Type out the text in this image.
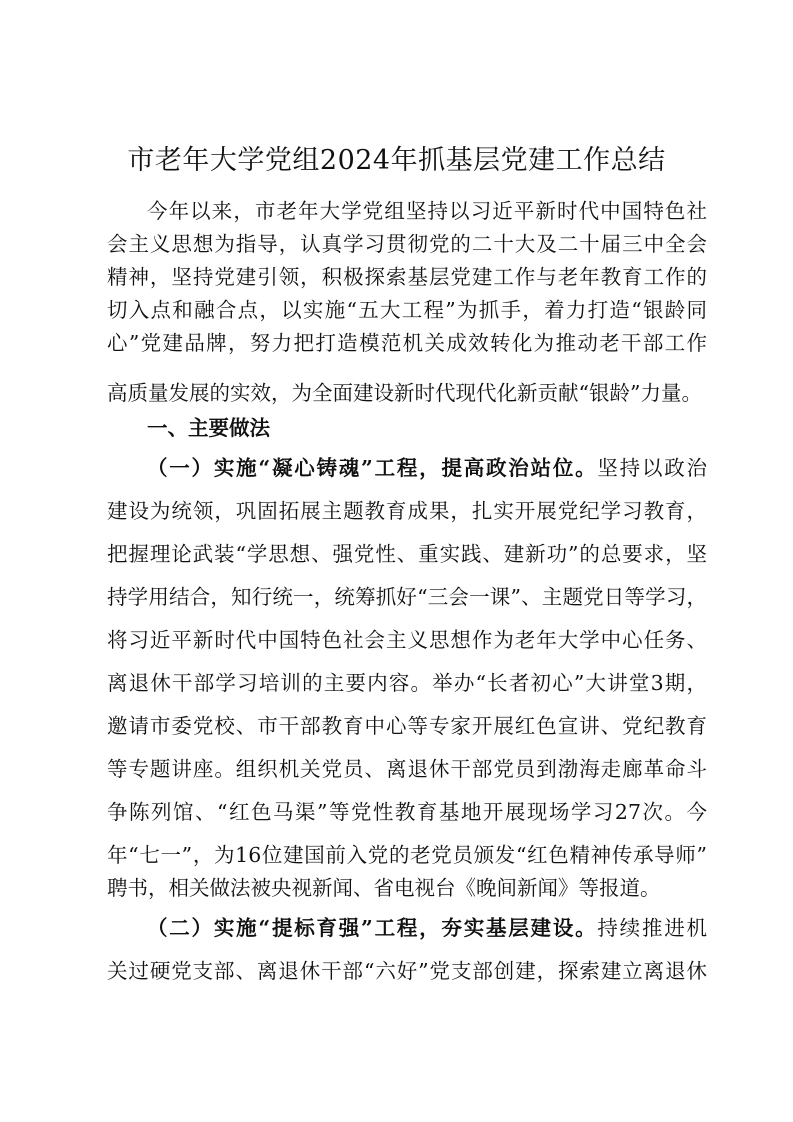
市老年大学党组2024年抓基层党建工作总结
今年以来，市老年大学党组坚持以习近平新时代中国特色社
会主义思想为指导，认真学习贯彻党的二十大及二十届三中全会
精神，坚持党建引领，积极探索基层党建工作与老年教育工作的
切入点和融合点，以实施“五大工程”为抓手，着力打造“银龄同
心”党建品牌，努力把打造模范机关成效转化为推动老干部工作
高质量发展的实效，为全面建设新时代现代化新贡献“银龄”力量。
一、主要做法
（一）实施“凝心铸魂”工程，提高政治站位。坚持以政治
建设为统领，巩固拓展主题教育成果，扎实开展党纪学习教育，
把握理论武装“学思想、强党性、重实践、建新功”的总要求，坚
持学用结合，知行统一，统筹抓好“三会一课”、主题党日等学习，
将习近平新时代中国特色社会主义思想作为老年大学中心任务、
离退休干部学习培训的主要内容。举办“长者初心”大讲堂3期，
邀请市委党校、市干部教育中心等专家开展红色宣讲、党纪教育
等专题讲座。组织机关党员、离退休干部党员到渤海走廊革命斗
争陈列馆、“红色马渠”等党性教育基地开展现场学习27次。今
年“七一”，为16位建国前入党的老党员颁发“红色精神传承导师”
聘书，相关做法被央视新闻、省电视台《晚间新闻》等报道。
（二）实施“提标育强”工程，夯实基层建设。持续推进机
关过硬党支部、离退休干部“六好”党支部创建，探索建立离退休
